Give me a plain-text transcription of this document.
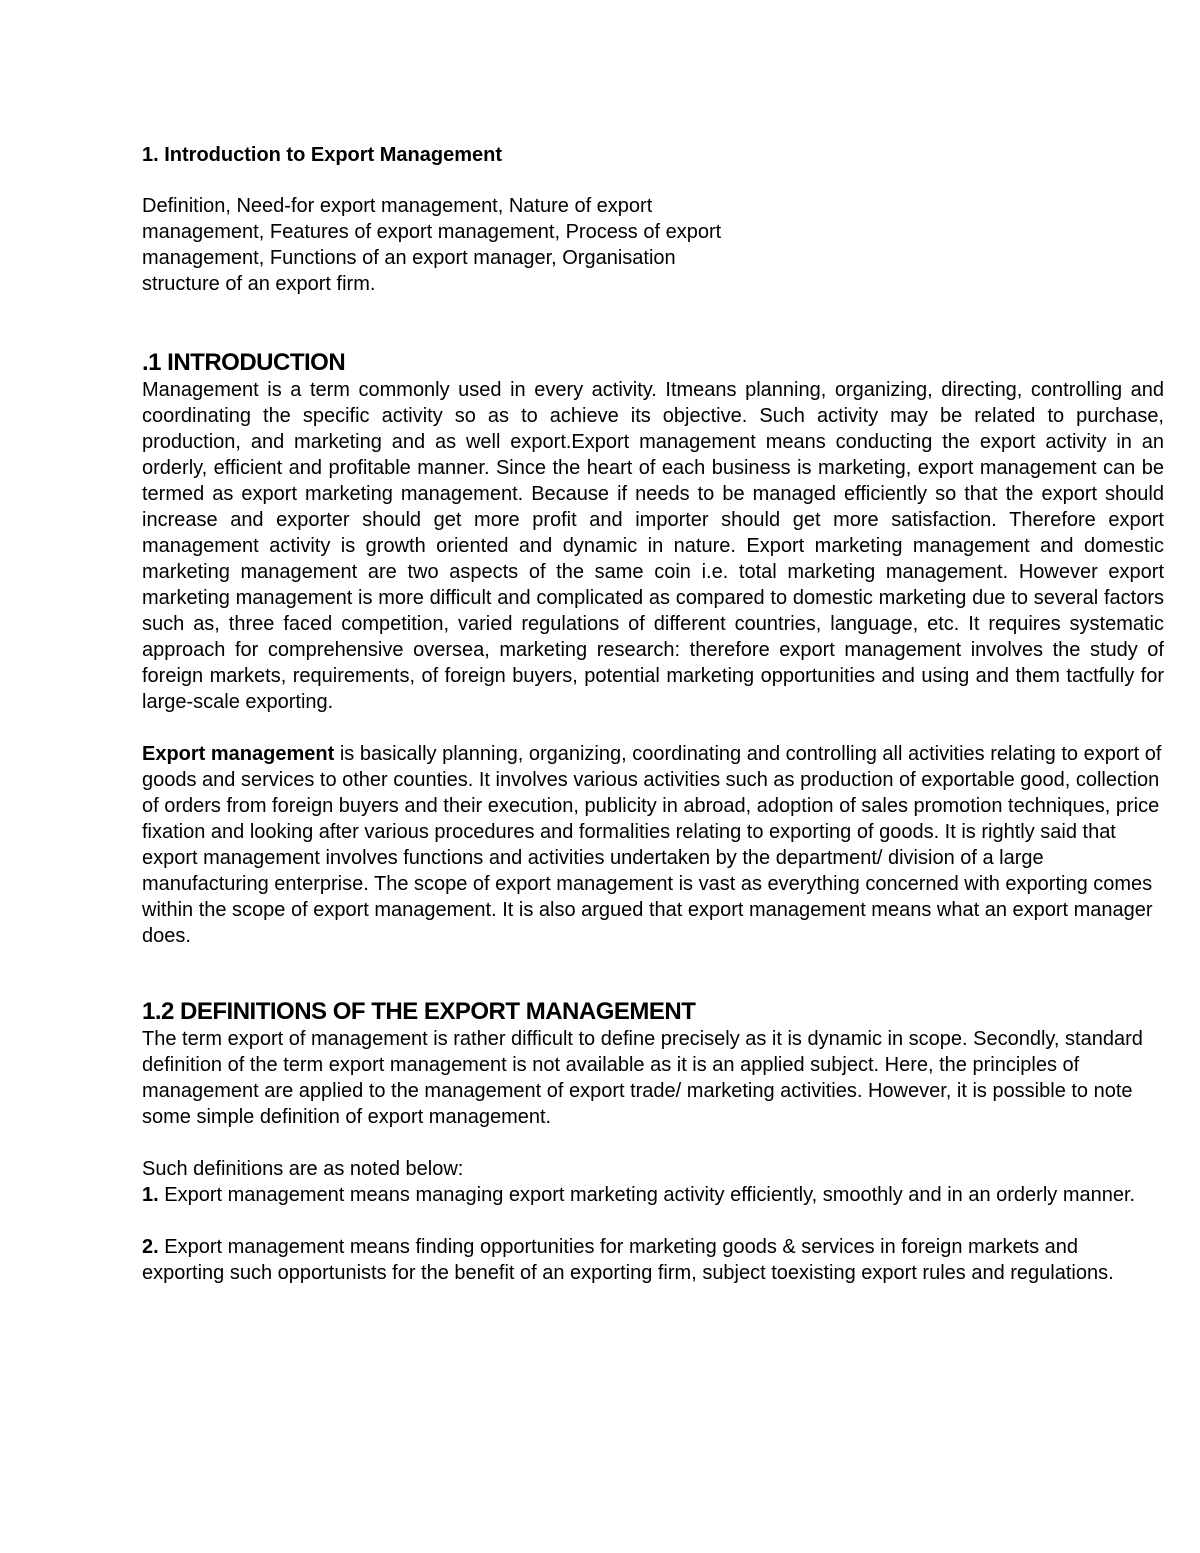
1. Introduction to Export Management

Definition, Need-for export management, Nature of export management, Features of export management, Process of export management, Functions of an export manager, Organisation structure of an export firm.

.1 INTRODUCTION

Management is a term commonly used in every activity. Itmeans planning, organizing, directing, controlling and coordinating the specific activity so as to achieve its objective. Such activity may be related to purchase, production, and marketing and as well export.Export management means conducting the export activity in an orderly, efficient and profitable manner. Since the heart of each business is marketing, export management can be termed as export marketing management. Because if needs to be managed efficiently so that the export should increase and exporter should get more profit and importer should get more satisfaction. Therefore export management activity is growth oriented and dynamic in nature. Export marketing management and domestic marketing management are two aspects of the same coin i.e. total marketing management. However export marketing management is more difficult and complicated as compared to domestic marketing due to several factors such as, three faced competition, varied regulations of different countries, language, etc. It requires systematic approach for comprehensive oversea, marketing research: therefore export management involves the study of foreign markets, requirements, of foreign buyers, potential marketing opportunities and using and them tactfully for large-scale exporting.

Export management is basically planning, organizing, coordinating and controlling all activities relating to export of goods and services to other counties. It involves various activities such as production of exportable good, collection of orders from foreign buyers and their execution, publicity in abroad, adoption of sales promotion techniques, price fixation and looking after various procedures and formalities relating to exporting of goods. It is rightly said that export management involves functions and activities undertaken by the department/ division of a large manufacturing enterprise. The scope of export management is vast as everything concerned with exporting comes within the scope of export management. It is also argued that export management means what an export manager does.

1.2 DEFINITIONS OF THE EXPORT MANAGEMENT

The term export of management is rather difficult to define precisely as it is dynamic in scope. Secondly, standard definition of the term export management is not available as it is an applied subject. Here, the principles of management are applied to the management of export trade/ marketing activities. However, it is possible to note some simple definition of export management.

Such definitions are as noted below:

1. Export management means managing export marketing activity efficiently, smoothly and in an orderly manner.

2. Export management means finding opportunities for marketing goods & services in foreign markets and exporting such opportunists for the benefit of an exporting firm, subject toexisting export rules and regulations.
